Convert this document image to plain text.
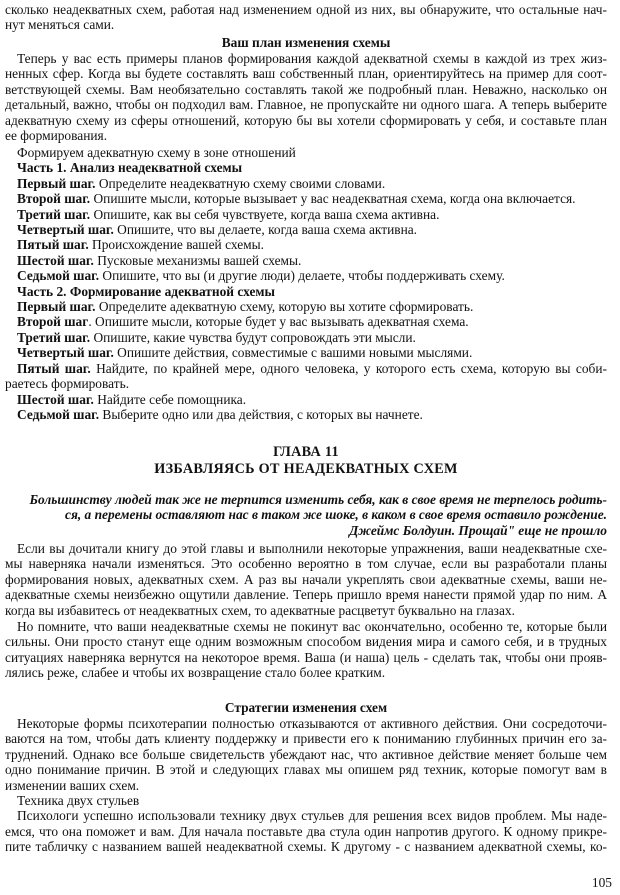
сколько неадекватных схем, работая над изменением одной из них, вы обнаружите, что остальные нач-
нут меняться сами.
Ваш план изменения схемы
Теперь у вас есть примеры планов формирования каждой адекватной схемы в каждой из трех жиз-
ненных сфер. Когда вы будете составлять ваш собственный план, ориентируйтесь на пример для соот-
ветствующей схемы. Вам необязательно составлять такой же подробный план. Неважно, насколько он
детальный, важно, чтобы он подходил вам. Главное, не пропускайте ни одного шага. А теперь выберите
адекватную схему из сферы отношений, которую бы вы хотели сформировать у себя, и составьте план
ее формирования.
Формируем адекватную схему в зоне отношений
Часть 1. Анализ неадекватной схемы
Первый шаг. Определите неадекватную схему своими словами.
Второй шаг. Опишите мысли, которые вызывает у вас неадекватная схема, когда она включается.
Третий шаг. Опишите, как вы себя чувствуете, когда ваша схема активна.
Четвертый шаг. Опишите, что вы делаете, когда ваша схема активна.
Пятый шаг. Происхождение вашей схемы.
Шестой шаг. Пусковые механизмы вашей схемы.
Седьмой шаг. Опишите, что вы (и другие люди) делаете, чтобы поддерживать схему.
Часть 2. Формирование адекватной схемы
Первый шаг. Определите адекватную схему, которую вы хотите сформировать.
Второй шаг. Опишите мысли, которые будет у вас вызывать адекватная схема.
Третий шаг. Опишите, какие чувства будут сопровождать эти мысли.
Четвертый шаг. Опишите действия, совместимые с вашими новыми мыслями.
Пятый шаг. Найдите, по крайней мере, одного человека, у которого есть схема, которую вы соби-
раетесь формировать.
Шестой шаг. Найдите себе помощника.
Седьмой шаг. Выберите одно или два действия, с которых вы начнете.
ГЛАВА 11
ИЗБАВЛЯЯСЬ ОТ НЕАДЕКВАТНЫХ СХЕМ
Большинству людей так же не терпится изменить себя, как в свое время не терпелось родить-
ся, а перемены оставляют нас в таком же шоке, в каком в свое время оставило рождение.
Джеймс Болдуин. Прощай" еще не прошло
Если вы дочитали книгу до этой главы и выполнили некоторые упражнения, ваши неадекватные схе-
мы наверняка начали изменяться. Это особенно вероятно в том случае, если вы разработали планы
формирования новых, адекватных схем. А раз вы начали укреплять свои адекватные схемы, ваши не-
адекватные схемы неизбежно ощутили давление. Теперь пришло время нанести прямой удар по ним. А
когда вы избавитесь от неадекватных схем, то адекватные расцветут буквально на глазах.
Но помните, что ваши неадекватные схемы не покинут вас окончательно, особенно те, которые были
сильны. Они просто станут еще одним возможным способом видения мира и самого себя, и в трудных
ситуациях наверняка вернутся на некоторое время. Ваша (и наша) цель - сделать так, чтобы они прояв-
лялись реже, слабее и чтобы их возвращение стало более кратким.
Стратегии изменения схем
Некоторые формы психотерапии полностью отказываются от активного действия. Они сосредоточи-
ваются на том, чтобы дать клиенту поддержку и привести его к пониманию глубинных причин его за-
труднений. Однако все больше свидетельств убеждают нас, что активное действие меняет больше чем
одно понимание причин. В этой и следующих главах мы опишем ряд техник, которые помогут вам в
изменении ваших схем.
Техника двух стульев
Психологи успешно использовали технику двух стульев для решения всех видов проблем. Мы наде-
емся, что она поможет и вам. Для начала поставьте два стула один напротив другого. К одному прикре-
пите табличку с названием вашей неадекватной схемы. К другому - с названием адекватной схемы, ко-
105
